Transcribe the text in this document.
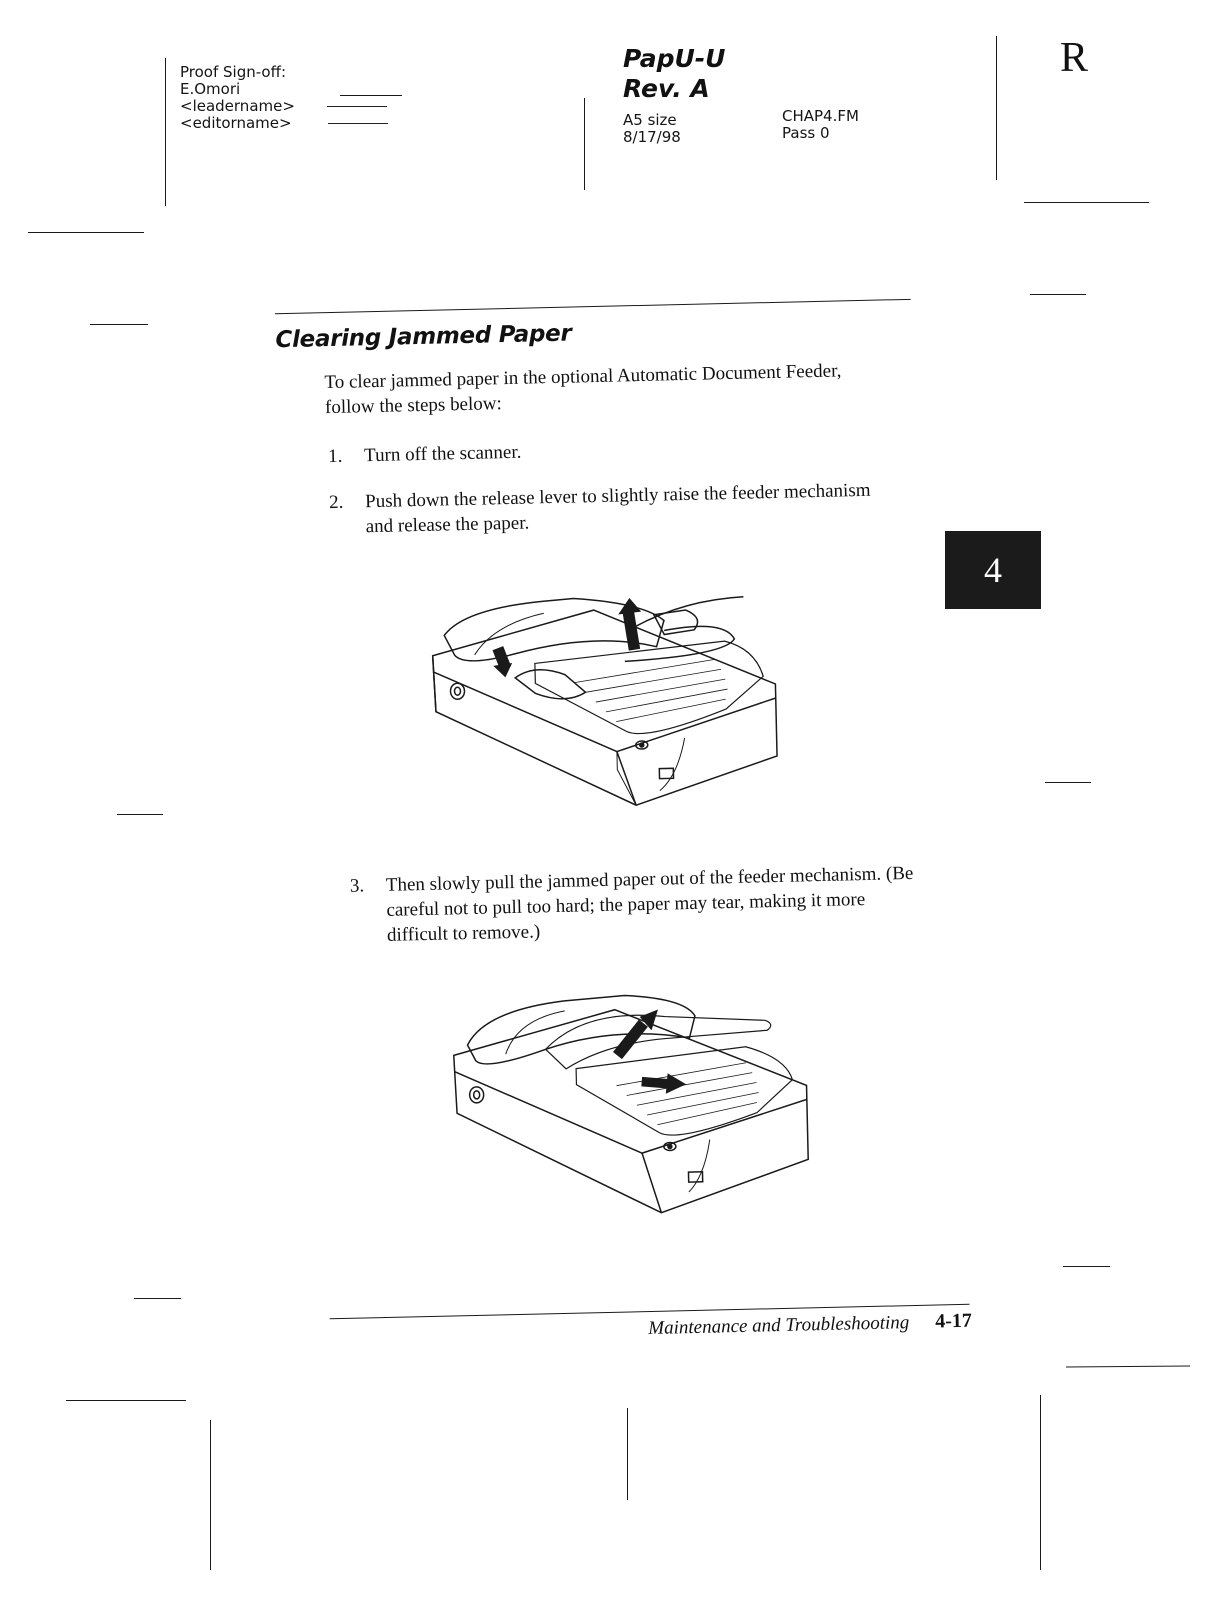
Proof Sign-off:
E.Omori
<leadername>
<editorname>
PapU-U
Rev. A
A5 size
8/17/98
CHAP4.FM
Pass 0
R
4
Clearing Jammed Paper
To clear jammed paper in the optional Automatic Document Feeder, follow the steps below:
1.	Turn off the scanner.
2.	Push down the release lever to slightly raise the feeder mechanism and release the paper.
3.	Then slowly pull the jammed paper out of the feeder mechanism. (Be careful not to pull too hard; the paper may tear, making it more difficult to remove.)
Maintenance and Troubleshooting 4-17
